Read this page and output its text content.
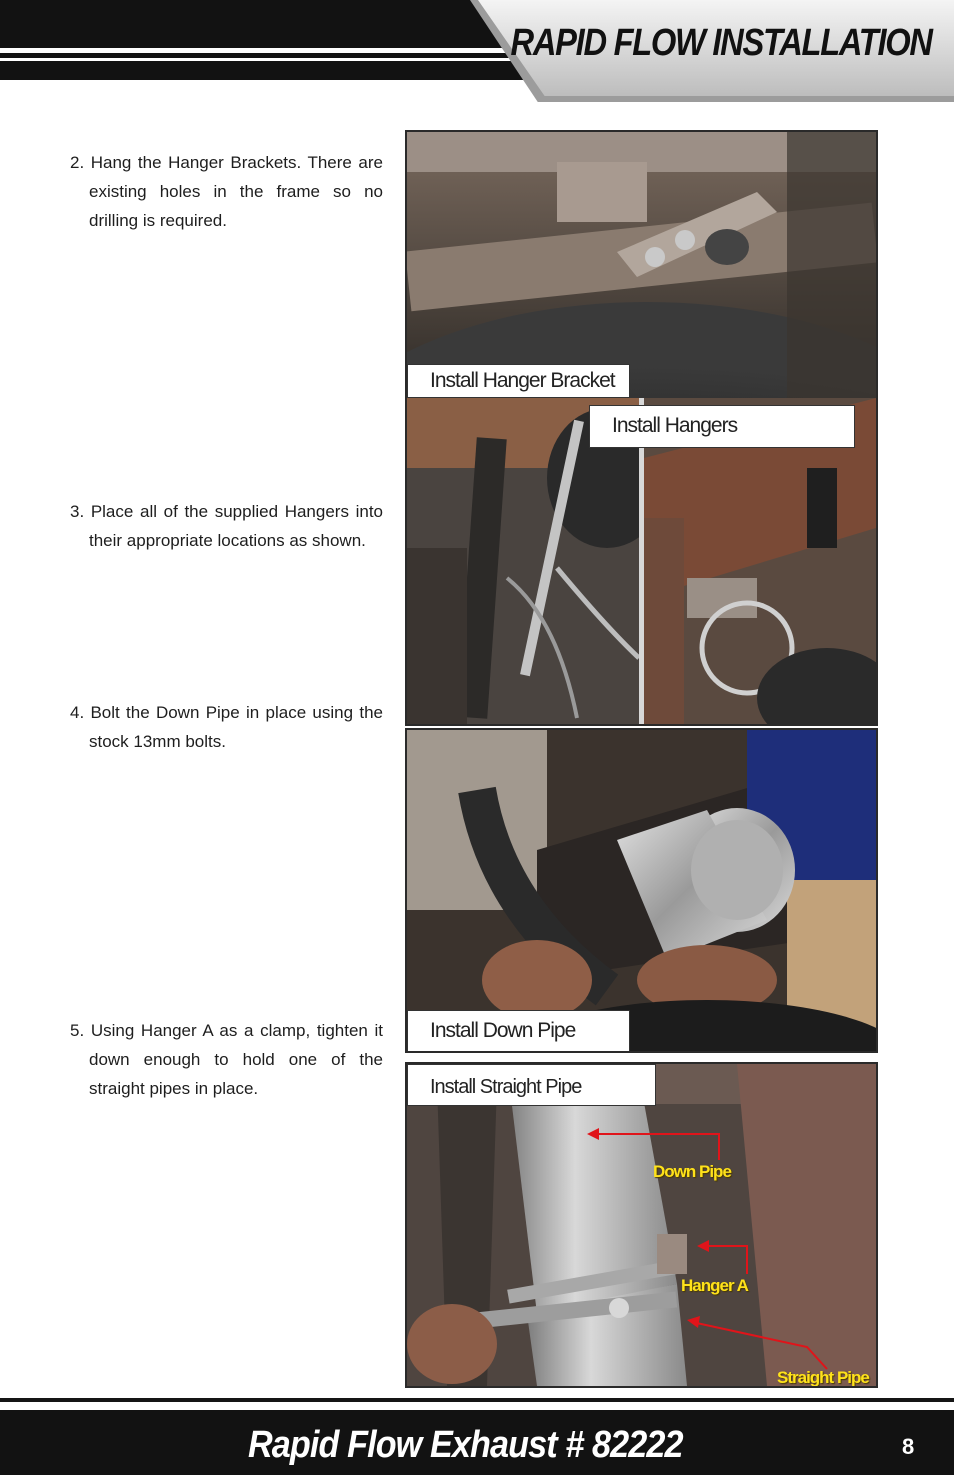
RAPID FLOW INSTALLATION
2. Hang the Hanger Brackets. There are existing holes in the frame so no drilling is required.
3. Place all of the supplied Hangers into their appropriate locations as shown.
4. Bolt the Down Pipe in place using the stock 13mm bolts.
5. Using Hanger A as a clamp, tighten it down enough to hold one of the straight pipes in place.
Install Hanger Bracket
Install Hangers
Install Down Pipe
Install Straight Pipe
Down Pipe
Hanger A
Straight Pipe
Rapid Flow Exhaust # 82222	8
